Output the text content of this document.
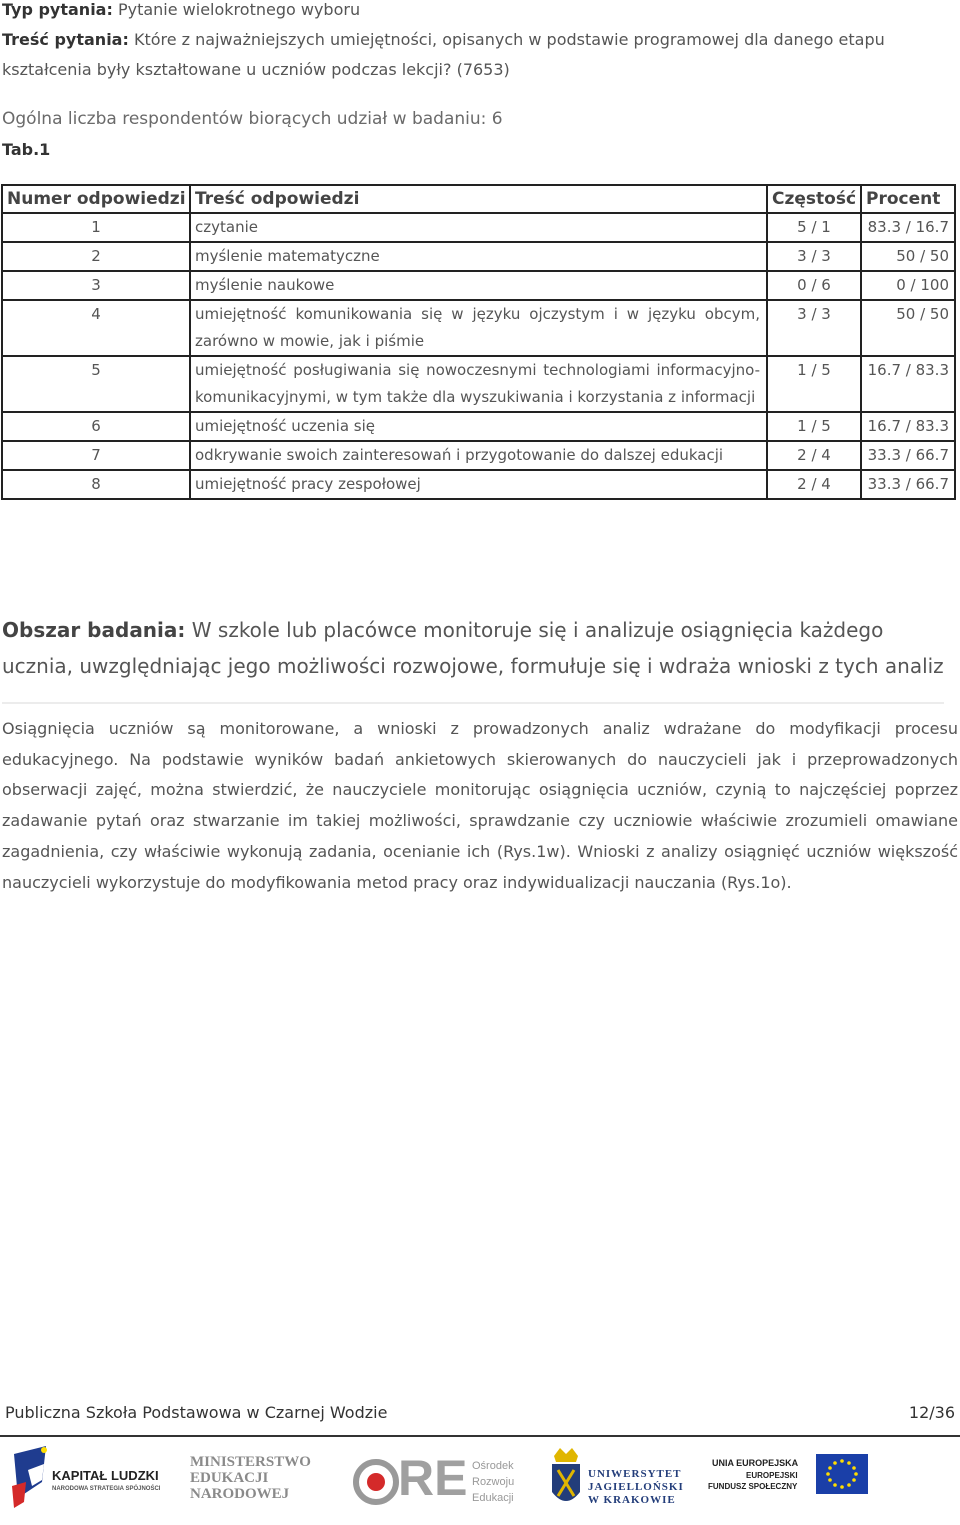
Typ pytania: Pytanie wielokrotnego wyboru
Treść pytania: Które z najważniejszych umiejętności, opisanych w podstawie programowej dla danego etapu
kształcenia były kształtowane u uczniów podczas lekcji? (7653)
Ogólna liczba respondentów biorących udział w badaniu: 6
Tab.1
Numer odpowiedzi	Treść odpowiedzi	Częstość	Procent
1	czytanie	5 / 1	83.3 / 16.7
2	myślenie matematyczne	3 / 3	50 / 50
3	myślenie naukowe	0 / 6	0 / 100
4	umiejętność komunikowania się w języku ojczystym i w języku obcym, zarówno w mowie, jak i piśmie	3 / 3	50 / 50
5	umiejętność posługiwania się nowoczesnymi technologiami informacyjno-komunikacyjnymi, w tym także dla wyszukiwania i korzystania z informacji	1 / 5	16.7 / 83.3
6	umiejętność uczenia się	1 / 5	16.7 / 83.3
7	odkrywanie swoich zainteresowań i przygotowanie do dalszej edukacji	2 / 4	33.3 / 66.7
8	umiejętność pracy zespołowej	2 / 4	33.3 / 66.7
Obszar badania: W szkole lub placówce monitoruje się i analizuje osiągnięcia każdego ucznia, uwzględniając jego możliwości rozwojowe, formułuje się i wdraża wnioski z tych analiz
Osiągnięcia uczniów są monitorowane, a wnioski z prowadzonych analiz wdrażane do modyfikacji procesu edukacyjnego. Na podstawie wyników badań ankietowych skierowanych do nauczycieli jak i przeprowadzonych obserwacji zajęć, można stwierdzić, że nauczyciele monitorując osiągnięcia uczniów, czynią to najczęściej poprzez zadawanie pytań oraz stwarzanie im takiej możliwości, sprawdzanie czy uczniowie właściwie zrozumieli omawiane zagadnienia, czy właściwie wykonują zadania, ocenianie ich (Rys.1w). Wnioski z analizy osiągnięć uczniów większość nauczycieli wykorzystuje do modyfikowania metod pracy oraz indywidualizacji nauczania (Rys.1o).
Publiczna Szkoła Podstawowa w Czarnej Wodzie	12/36
KAPITAŁ LUDZKI
NARODOWA STRATEGIA SPÓJNOŚCI
MINISTERSTWO
EDUKACJI
NARODOWEJ RE Ośrodek
Rozwoju
Edukacji
UNIWERSYTET
JAGIELLOŃSKI
W KRAKOWIE
UNIA EUROPEJSKA
EUROPEJSKI
FUNDUSZ SPOŁECZNY
